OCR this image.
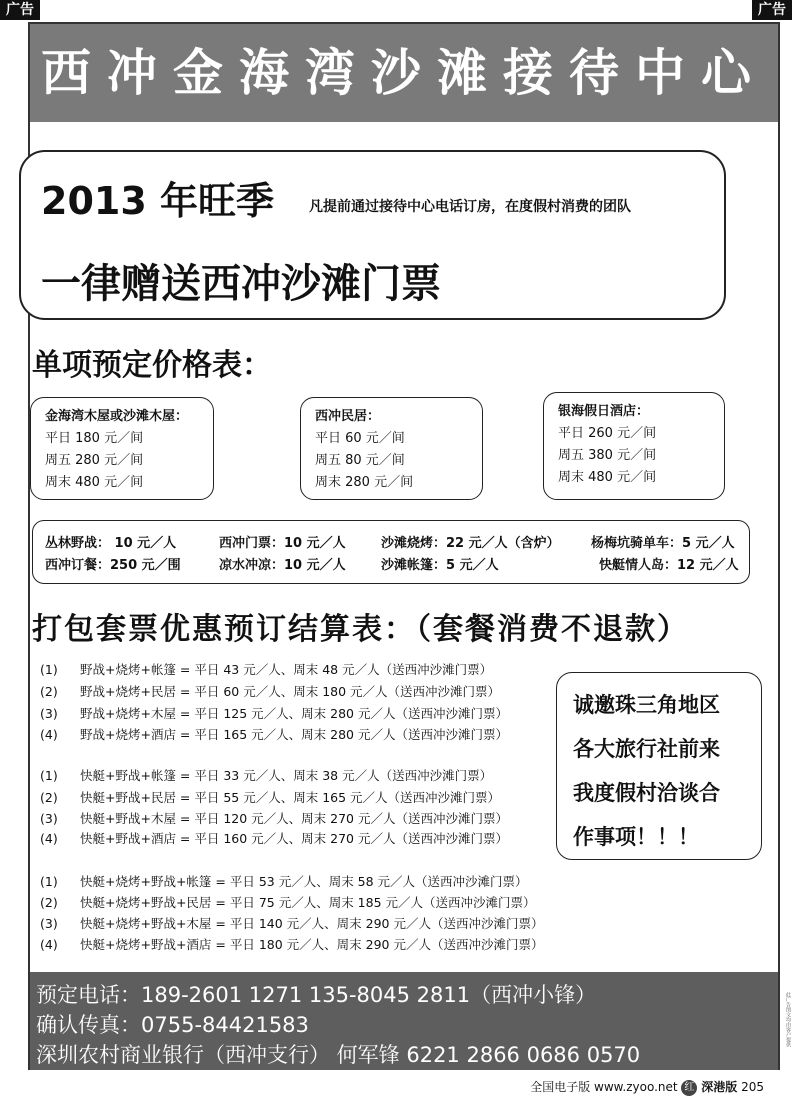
广告	广告
西冲金海湾沙滩接待中心
2013 年旺季	凡提前通过接待中心电话订房，在度假村消费的团队
一律赠送西冲沙滩门票
单项预定价格表：
金海湾木屋或沙滩木屋：
平日 180 元／间
周五 280 元／间
周末 480 元／间
西冲民居：
平日 60 元／间
周五 80 元／间
周末 280 元／间
银海假日酒店：
平日 260 元／间
周五 380 元／间
周末 480 元／间
丛林野战： 10 元／人	西冲门票：10 元／人	沙滩烧烤：22 元／人（含炉） 杨梅坑骑单车：5 元／人
西冲订餐：250 元／围	凉水冲凉：10 元／人	沙滩帐篷：5 元／人	快艇情人岛：12 元／人
打包套票优惠预订结算表：（套餐消费不退款）
(1) 野战+烧烤+帐篷 = 平日 43 元／人、周末 48 元／人（送西冲沙滩门票）
(2) 野战+烧烤+民居 = 平日 60 元／人、周末 180 元／人（送西冲沙滩门票）
(3) 野战+烧烤+木屋 = 平日 125 元／人、周末 280 元／人（送西冲沙滩门票）
(4) 野战+烧烤+酒店 = 平日 165 元／人、周末 280 元／人（送西冲沙滩门票）
(1) 快艇+野战+帐篷 = 平日 33 元／人、周末 38 元／人（送西冲沙滩门票）
(2) 快艇+野战+民居 = 平日 55 元／人、周末 165 元／人（送西冲沙滩门票）
(3) 快艇+野战+木屋 = 平日 120 元／人、周末 270 元／人（送西冲沙滩门票）
(4) 快艇+野战+酒店 = 平日 160 元／人、周末 270 元／人（送西冲沙滩门票）
(1) 快艇+烧烤+野战+帐篷 = 平日 53 元／人、周末 58 元／人（送西冲沙滩门票）
(2) 快艇+烧烤+野战+民居 = 平日 75 元／人、周末 185 元／人（送西冲沙滩门票）
(3) 快艇+烧烤+野战+木屋 = 平日 140 元／人、周末 290 元／人（送西冲沙滩门票）
(4) 快艇+烧烤+野战+酒店 = 平日 180 元／人、周末 290 元／人（送西冲沙滩门票）
诚邀珠三角地区
各大旅行社前来
我度假村洽谈合
作事项！！！
预定电话：189-2601 1271 135-8045 2811（西冲小锋）
确认传真：0755-84421583
深圳农村商业银行（西冲支行） 何军锋 6221 2866 0686 0570
此广告图文均由客户提供
全国电子版 www.zyoo.net 红 深港版 205
